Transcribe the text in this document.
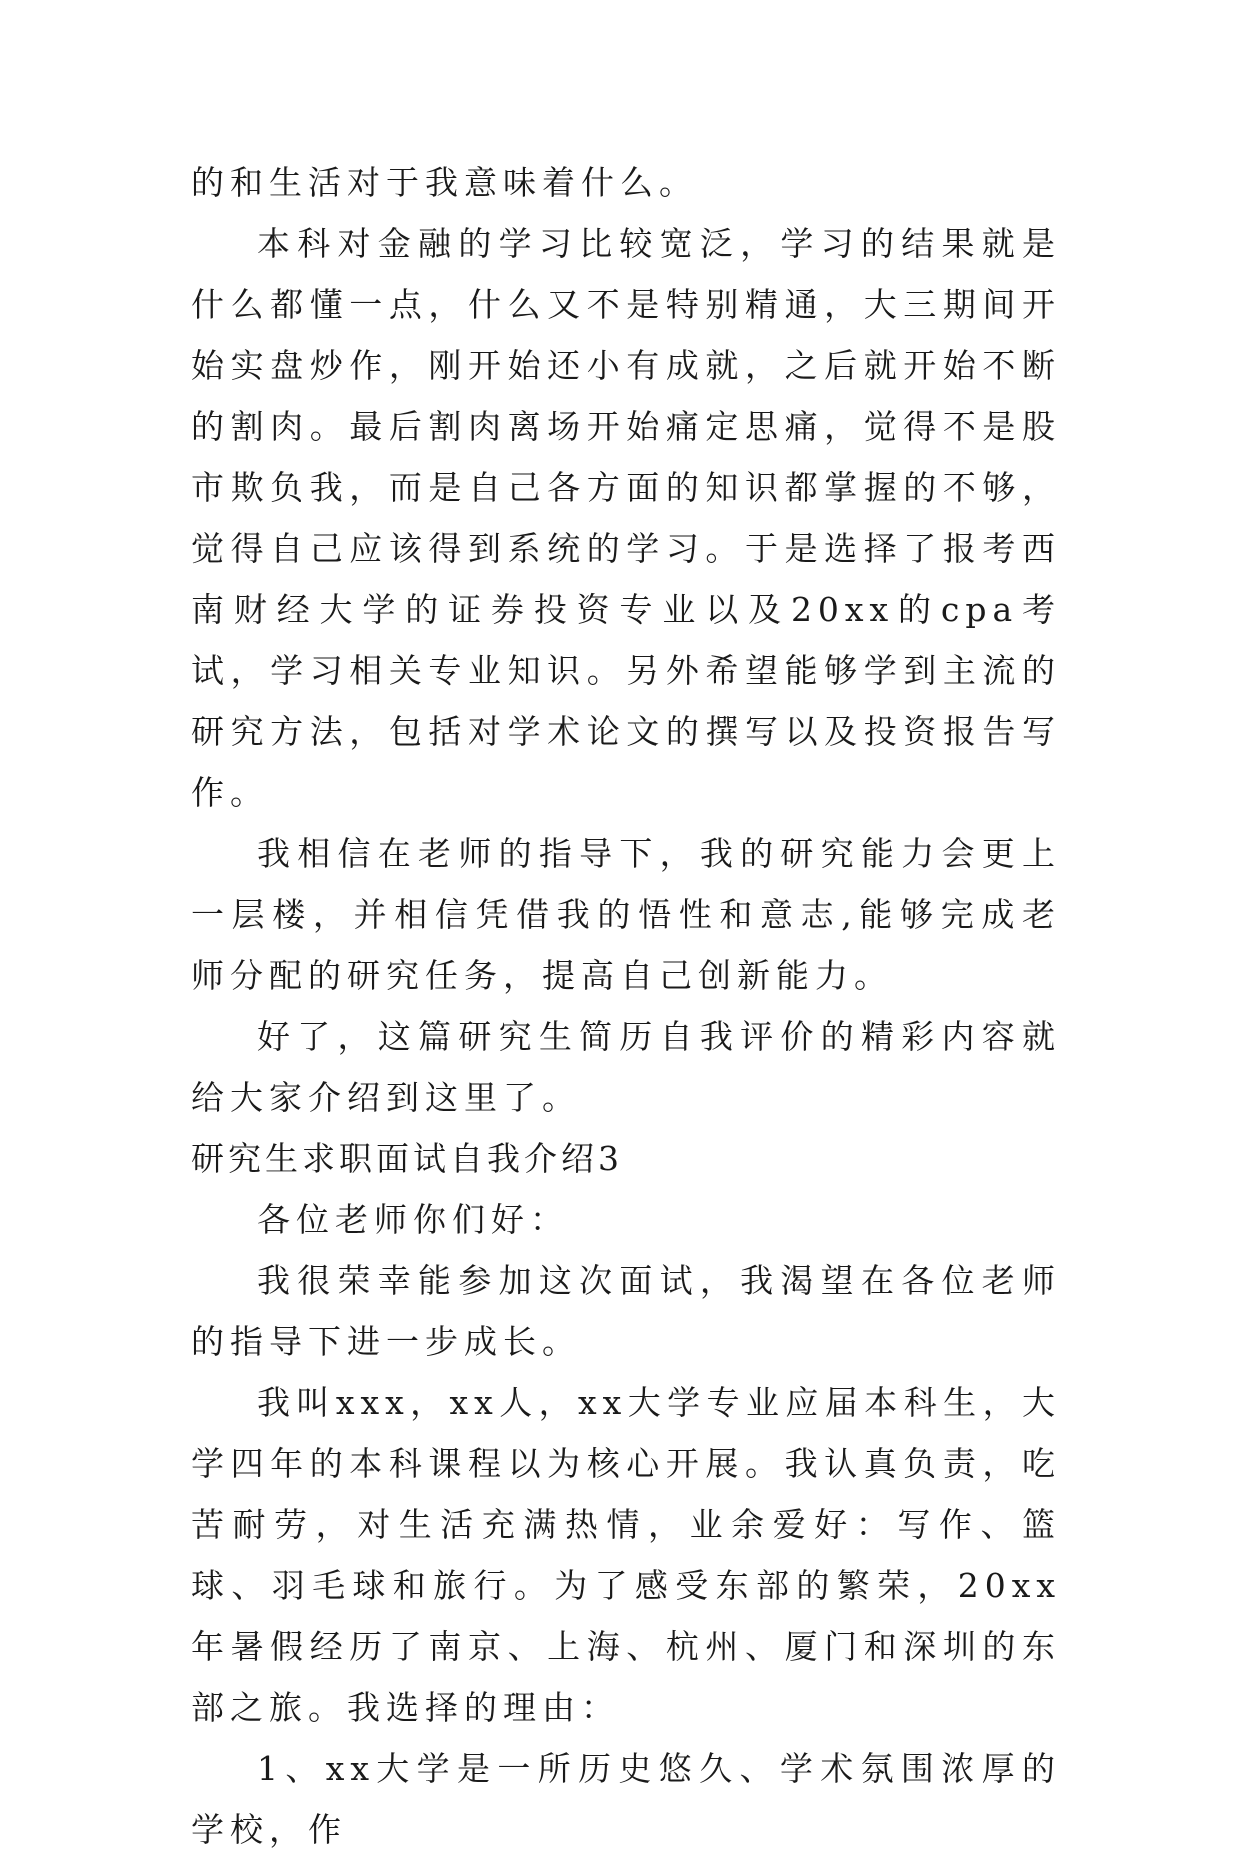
的和生活对于我意味着什么。

本科对金融的学习比较宽泛，学习的结果就是什么都懂一点，什么又不是特别精通，大三期间开始实盘炒作，刚开始还小有成就，之后就开始不断的割肉。最后割肉离场开始痛定思痛，觉得不是股市欺负我，而是自己各方面的知识都掌握的不够，觉得自己应该得到系统的学习。于是选择了报考西南财经大学的证券投资专业以及20xx的cpa考试，学习相关专业知识。另外希望能够学到主流的研究方法，包括对学术论文的撰写以及投资报告写作。

我相信在老师的指导下，我的研究能力会更上一层楼，并相信凭借我的悟性和意志,能够完成老师分配的研究任务，提高自己创新能力。

好了，这篇研究生简历自我评价的精彩内容就给大家介绍到这里了。

研究生求职面试自我介绍3

各位老师你们好：

我很荣幸能参加这次面试，我渴望在各位老师的指导下进一步成长。

我叫xxx，xx人，xx大学专业应届本科生，大学四年的本科课程以为核心开展。我认真负责，吃苦耐劳，对生活充满热情，业余爱好：写作、篮球、羽毛球和旅行。为了感受东部的繁荣，20xx年暑假经历了南京、上海、杭州、厦门和深圳的东部之旅。我选择的理由：

1、xx大学是一所历史悠久、学术氛围浓厚的学校，作
